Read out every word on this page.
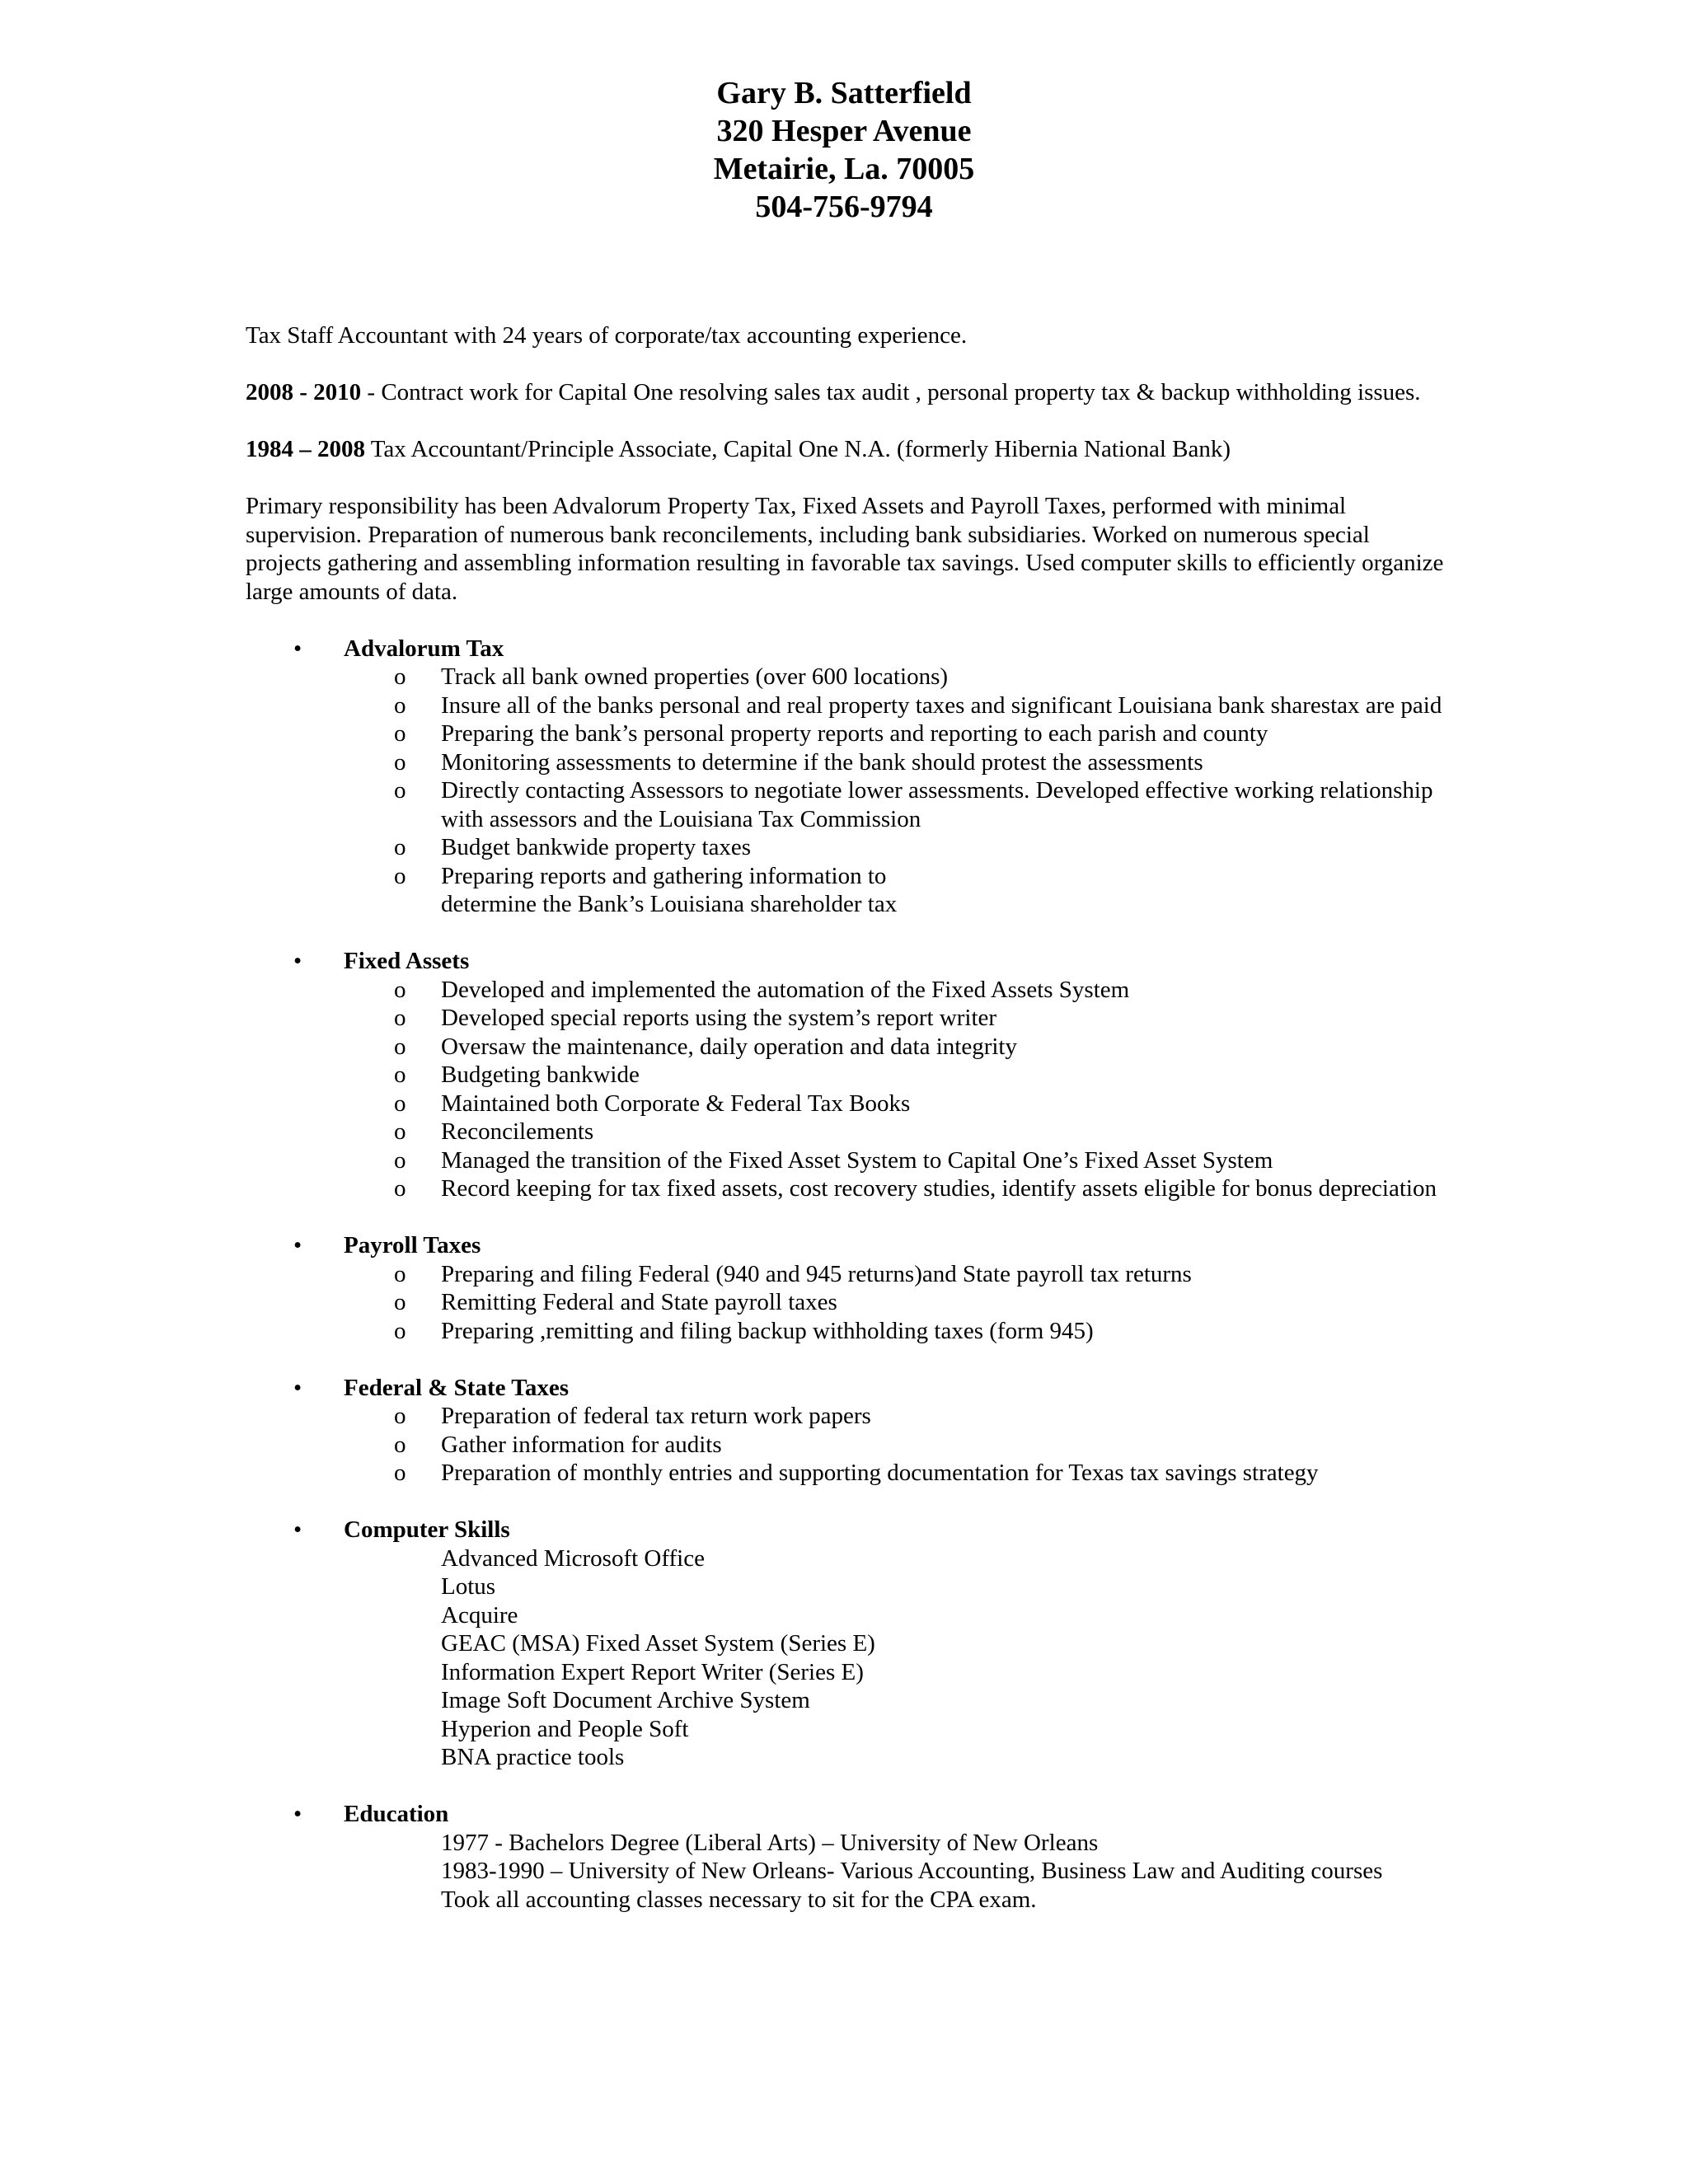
Gary B. Satterfield
320 Hesper Avenue
Metairie, La. 70005
504-756-9794

Tax Staff Accountant with 24 years of corporate/tax accounting experience.

2008 - 2010 - Contract work for Capital One resolving sales tax audit , personal property tax & backup withholding issues.

1984 – 2008 Tax Accountant/Principle Associate, Capital One N.A. (formerly Hibernia National Bank)

Primary responsibility has been Advalorum Property Tax, Fixed Assets and Payroll Taxes, performed with minimal supervision. Preparation of numerous bank reconcilements, including bank subsidiaries. Worked on numerous special projects gathering and assembling information resulting in favorable tax savings. Used computer skills to efficiently organize large amounts of data.

• Advalorum Tax
o Track all bank owned properties (over 600 locations)
o Insure all of the banks personal and real property taxes and significant Louisiana bank sharestax are paid
o Preparing the bank’s personal property reports and reporting to each parish and county
o Monitoring assessments to determine if the bank should protest the assessments
o Directly contacting Assessors to negotiate lower assessments. Developed effective working relationship with assessors and the Louisiana Tax Commission
o Budget bankwide property taxes
o Preparing reports and gathering information to determine the Bank’s Louisiana shareholder tax
• Fixed Assets
o Developed and implemented the automation of the Fixed Assets System
o Developed special reports using the system’s report writer
o Oversaw the maintenance, daily operation and data integrity
o Budgeting bankwide
o Maintained both Corporate & Federal Tax Books
o Reconcilements
o Managed the transition of the Fixed Asset System to Capital One’s Fixed Asset System
o Record keeping for tax fixed assets, cost recovery studies, identify assets eligible for bonus depreciation
• Payroll Taxes
o Preparing and filing Federal (940 and 945 returns)and State payroll tax returns
o Remitting Federal and State payroll taxes
o Preparing ,remitting and filing backup withholding taxes (form 945)
• Federal & State Taxes
o Preparation of federal tax return work papers
o Gather information for audits
o Preparation of monthly entries and supporting documentation for Texas tax savings strategy
• Computer Skills
Advanced Microsoft Office
Lotus
Acquire
GEAC (MSA) Fixed Asset System (Series E)
Information Expert Report Writer (Series E)
Image Soft Document Archive System
Hyperion and People Soft
BNA practice tools
• Education
1977 - Bachelors Degree (Liberal Arts) – University of New Orleans
1983-1990 – University of New Orleans- Various Accounting, Business Law and Auditing courses
Took all accounting classes necessary to sit for the CPA exam.
